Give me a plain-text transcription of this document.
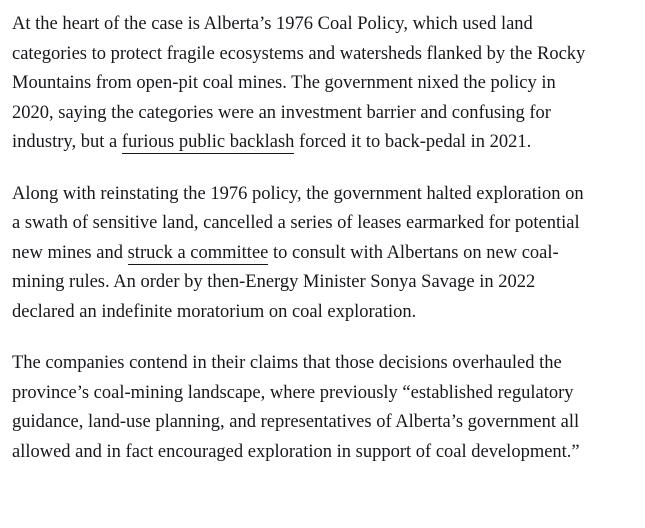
At the heart of the case is Alberta’s 1976 Coal Policy, which used land categories to protect fragile ecosystems and watersheds flanked by the Rocky Mountains from open-pit coal mines. The government nixed the policy in 2020, saying the categories were an investment barrier and confusing for industry, but a furious public backlash forced it to back-pedal in 2021.

Along with reinstating the 1976 policy, the government halted exploration on a swath of sensitive land, cancelled a series of leases earmarked for potential new mines and struck a committee to consult with Albertans on new coal-mining rules. An order by then-Energy Minister Sonya Savage in 2022 declared an indefinite moratorium on coal exploration.

The companies contend in their claims that those decisions overhauled the province’s coal-mining landscape, where previously “established regulatory guidance, land-use planning, and representatives of Alberta’s government all allowed and in fact encouraged exploration in support of coal development.”
